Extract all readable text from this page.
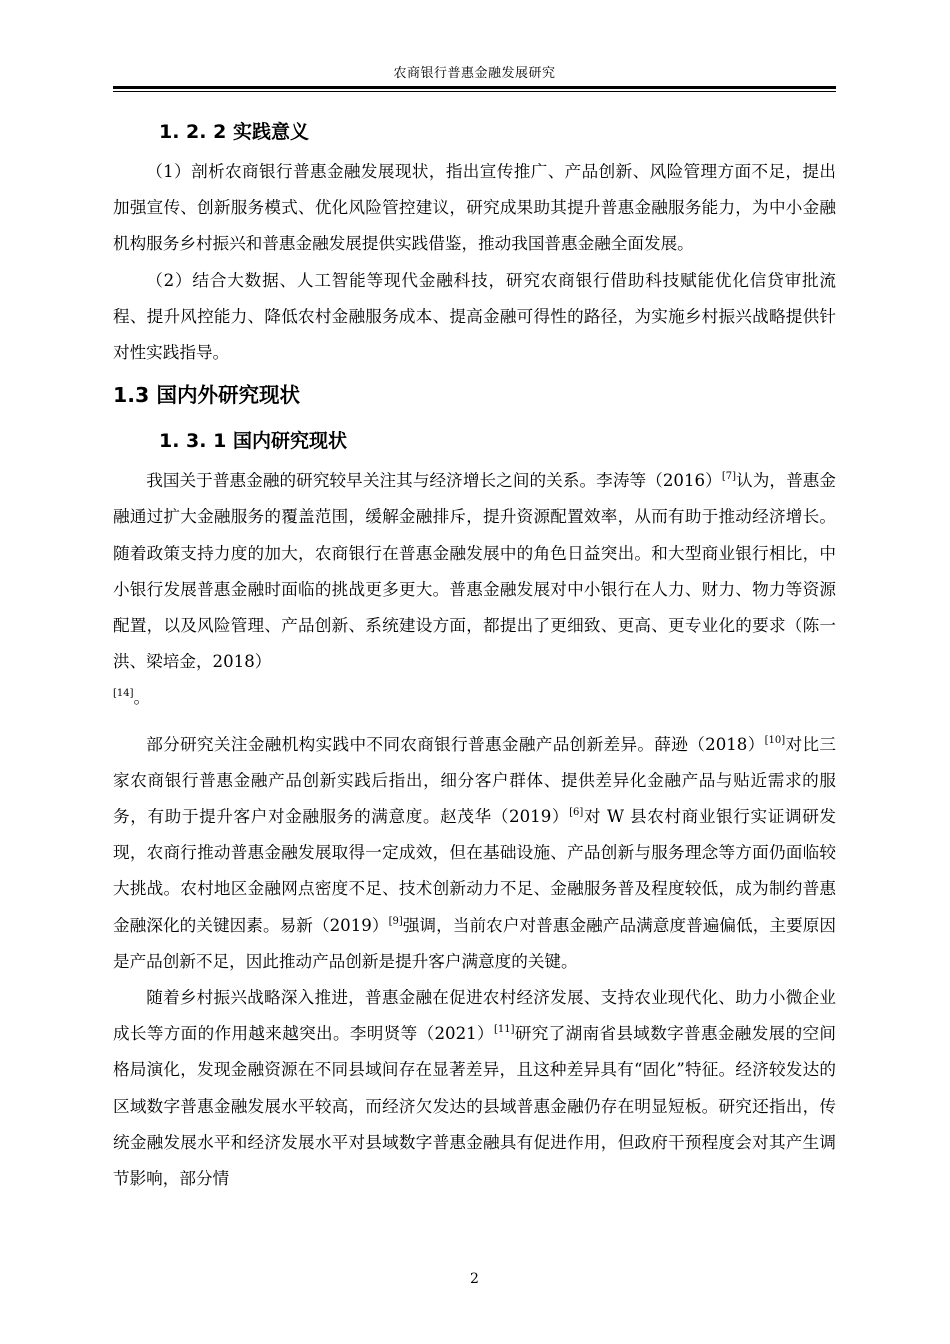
农商银行普惠金融发展研究
1. 2. 2 实践意义

（1）剖析农商银行普惠金融发展现状，指出宣传推广、产品创新、风险管理方面不足，提出加强宣传、创新服务模式、优化风险管控建议，研究成果助其提升普惠金融服务能力，为中小金融机构服务乡村振兴和普惠金融发展提供实践借鉴，推动我国普惠金融全面发展。

（2）结合大数据、人工智能等现代金融科技，研究农商银行借助科技赋能优化信贷审批流程、提升风控能力、降低农村金融服务成本、提高金融可得性的路径，为实施乡村振兴战略提供针对性实践指导。

1.3 国内外研究现状
1. 3. 1 国内研究现状

我国关于普惠金融的研究较早关注其与经济增长之间的关系。李涛等（2016）[7]认为，普惠金融通过扩大金融服务的覆盖范围，缓解金融排斥，提升资源配置效率，从而有助于推动经济增长。随着政策支持力度的加大，农商银行在普惠金融发展中的角色日益突出。和大型商业银行相比，中小银行发展普惠金融时面临的挑战更多更大。普惠金融发展对中小银行在人力、财力、物力等资源配置，以及风险管理、产品创新、系统建设方面，都提出了更细致、更高、更专业化的要求（陈一洪、梁培金，2018）
[14]。

部分研究关注金融机构实践中不同农商银行普惠金融产品创新差异。薛逊（2018）[10]对比三家农商银行普惠金融产品创新实践后指出，细分客户群体、提供差异化金融产品与贴近需求的服务，有助于提升客户对金融服务的满意度。赵茂华（2019）[6]对 W 县农村商业银行实证调研发现，农商行推动普惠金融发展取得一定成效，但在基础设施、产品创新与服务理念等方面仍面临较大挑战。农村地区金融网点密度不足、技术创新动力不足、金融服务普及程度较低，成为制约普惠金融深化的关键因素。易新（2019）[9]强调，当前农户对普惠金融产品满意度普遍偏低，主要原因是产品创新不足，因此推动产品创新是提升客户满意度的关键。

随着乡村振兴战略深入推进，普惠金融在促进农村经济发展、支持农业现代化、助力小微企业成长等方面的作用越来越突出。李明贤等（2021）[11]研究了湖南省县域数字普惠金融发展的空间格局演化，发现金融资源在不同县域间存在显著差异，且这种差异具有“固化”特征。经济较发达的区域数字普惠金融发展水平较高，而经济欠发达的县域普惠金融仍存在明显短板。研究还指出，传统金融发展水平和经济发展水平对县域数字普惠金融具有促进作用，但政府干预程度会对其产生调节影响，部分情

2
